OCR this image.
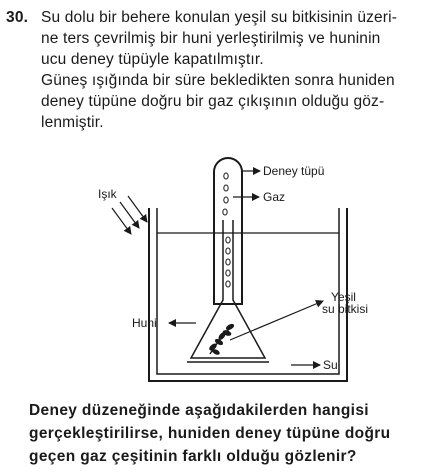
30. Su dolu bir behere konulan yeşil su bitkisinin üzeri-
ne ters çevrilmiş bir huni yerleştirilmiş ve huninin
ucu deney tüpüyle kapatılmıştır.
Güneş ışığında bir süre bekledikten sonra huniden
deney tüpüne doğru bir gaz çıkışının olduğu göz-
lenmiştir.
Deney tüpü
Gaz
Işık
Huni
Yeşil
su bitkisi
Su
Deney düzeneğinde aşağıdakilerden hangisi
gerçekleştirilirse, huniden deney tüpüne doğru
geçen gaz çeşitinin farklı olduğu gözlenir?
